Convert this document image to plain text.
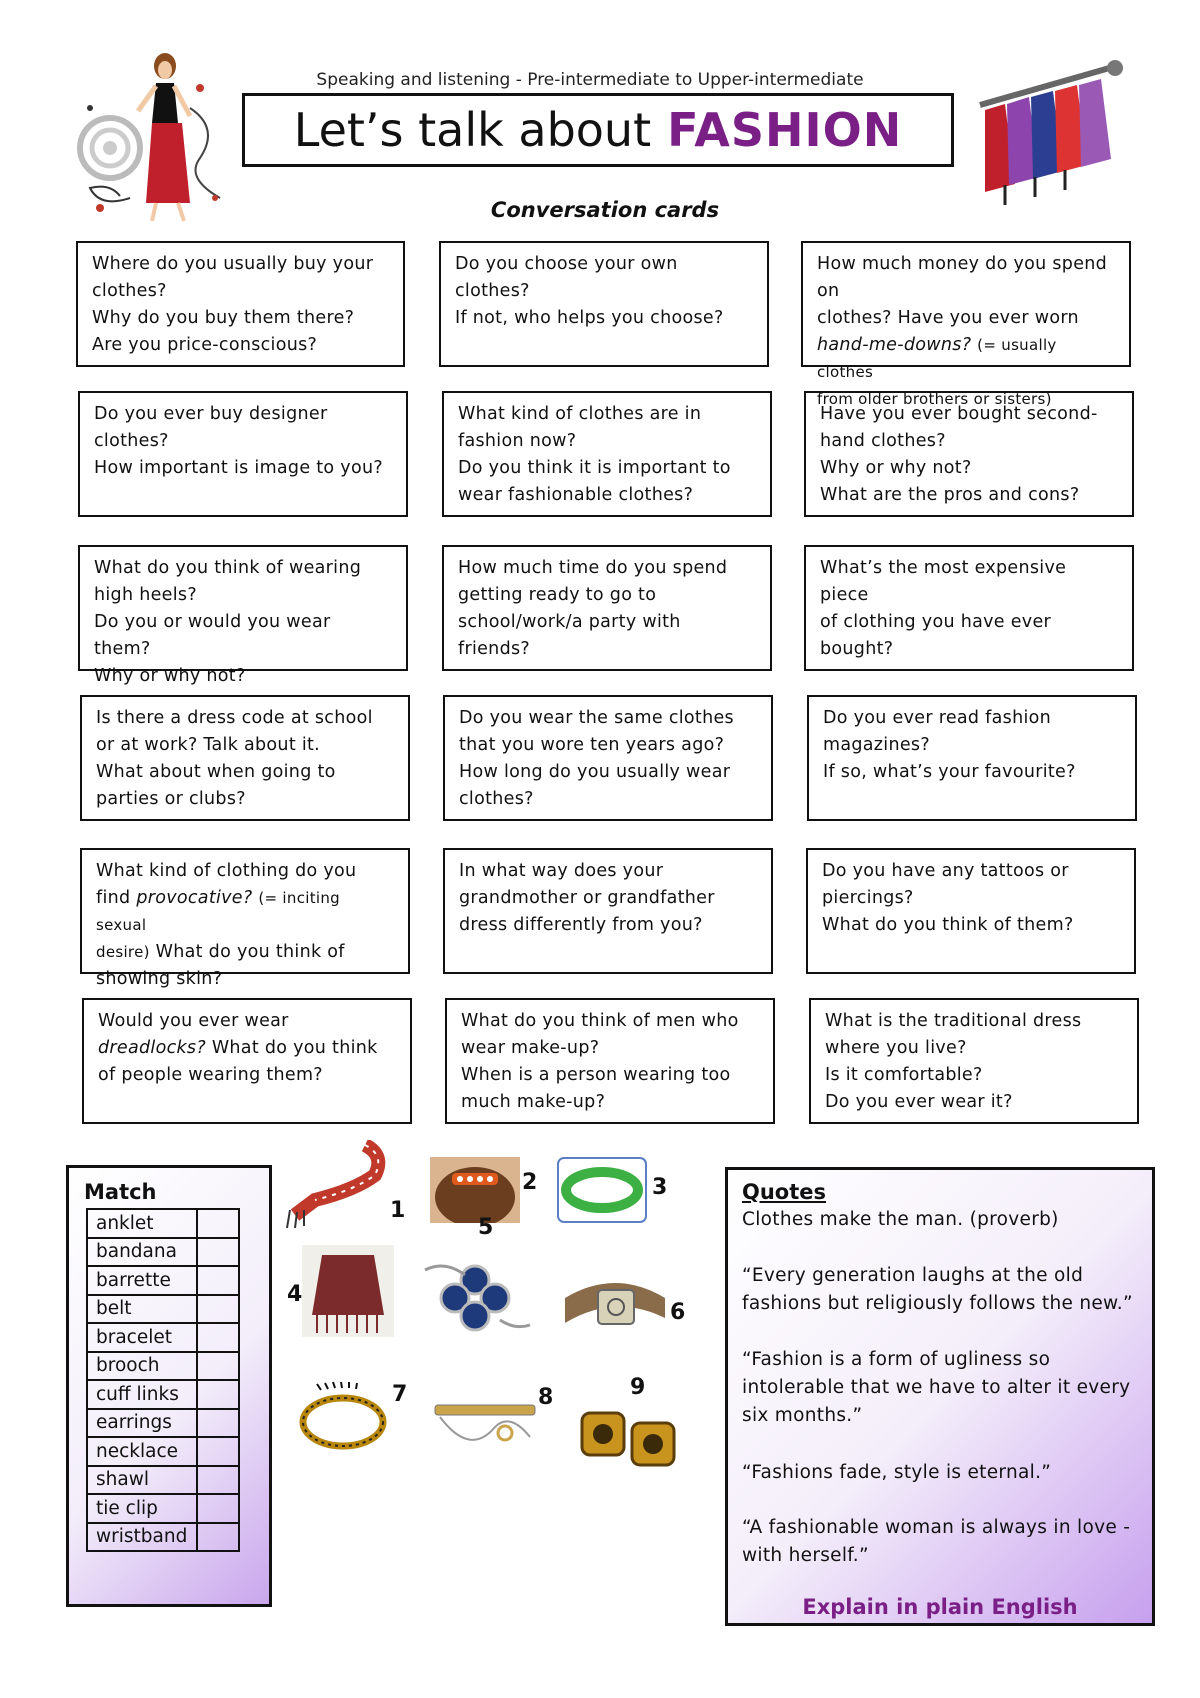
Speaking and listening - Pre-intermediate to Upper-intermediate
Let’s talk about FASHION
Conversation cards
Where do you usually buy your
clothes?
Why do you buy them there?
Are you price-conscious?
Do you choose your own clothes?
If not, who helps you choose?
How much money do you spend on
clothes? Have you ever worn
hand-me-downs? (= usually clothes
from older brothers or sisters)
Do you ever buy designer
clothes?
How important is image to you?
What kind of clothes are in
fashion now?
Do you think it is important to
wear fashionable clothes?
Have you ever bought second-
hand clothes?
Why or why not?
What are the pros and cons?
What do you think of wearing
high heels?
Do you or would you wear them?
Why or why not?
How much time do you spend
getting ready to go to
school/work/a party with
friends?
What’s the most expensive piece
of clothing you have ever
bought?
Is there a dress code at school
or at work? Talk about it.
What about when going to
parties or clubs?
Do you wear the same clothes
that you wore ten years ago?
How long do you usually wear
clothes?
Do you ever read fashion
magazines?
If so, what’s your favourite?
What kind of clothing do you
find provocative? (= inciting sexual
desire) What do you think of
showing skin?
In what way does your
grandmother or grandfather
dress differently from you?
Do you have any tattoos or
piercings?
What do you think of them?
Would you ever wear
dreadlocks? What do you think
of people wearing them?
What do you think of men who
wear make-up?
When is a person wearing too
much make-up?
What is the traditional dress
where you live?
Is it comfortable?
Do you ever wear it?
Match
anklet	
bandana	
barrette	
belt	
bracelet	
brooch	
cuff links	
earrings	
necklace	
shawl	
tie clip	
wristband	
1
2	3
4
5
6
7	8	9
Quotes
Clothes make the man. (proverb)
“Every generation laughs at the old fashions but religiously follows the new.”
“Fashion is a form of ugliness so intolerable that we have to alter it every six months.”
“Fashions fade, style is eternal.”
“A fashionable woman is always in love - with herself.”
Explain in plain English
